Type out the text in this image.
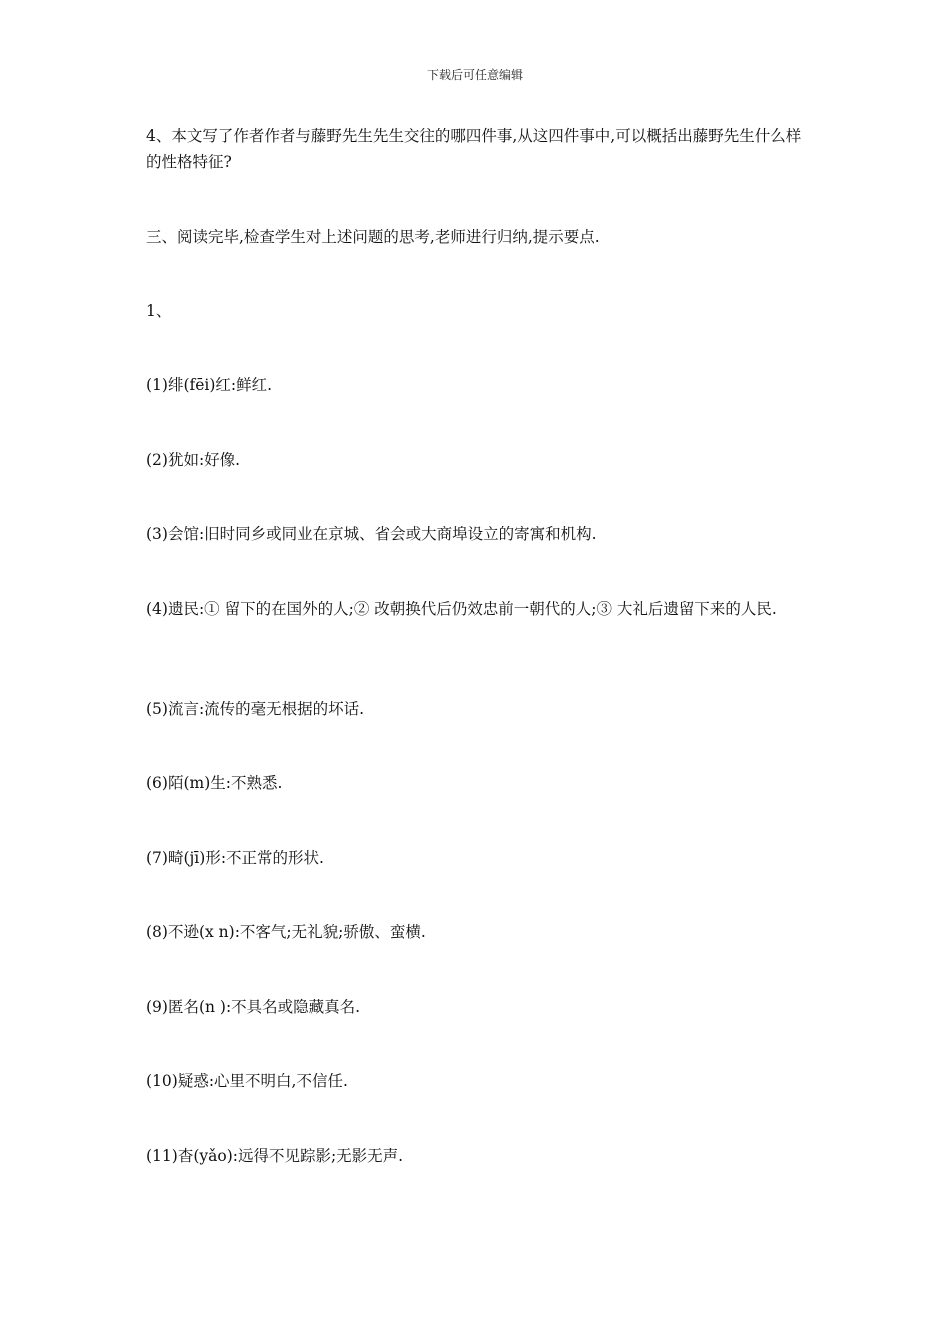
下载后可任意编辑

4、本文写了作者作者与藤野先生先生交往的哪四件事,从这四件事中,可以概括出藤野先生什么样的性格特征?

三、阅读完毕,检查学生对上述问题的思考,老师进行归纳,提示要点.

1、

(1)绯(fēi)红:鲜红.

(2)犹如:好像.

(3)会馆:旧时同乡或同业在京城、省会或大商埠设立的寄寓和机构.

(4)遗民:① 留下的在国外的人;② 改朝换代后仍效忠前一朝代的人;③ 大礼后遗留下来的人民.

(5)流言:流传的毫无根据的坏话.

(6)陌(m)生:不熟悉.

(7)畸(jī)形:不正常的形状.

(8)不逊(x n):不客气;无礼貌;骄傲、蛮横.

(9)匿名(n ):不具名或隐藏真名.

(10)疑惑:心里不明白,不信任.

(11)杳(yǎo):远得不见踪影;无影无声.
